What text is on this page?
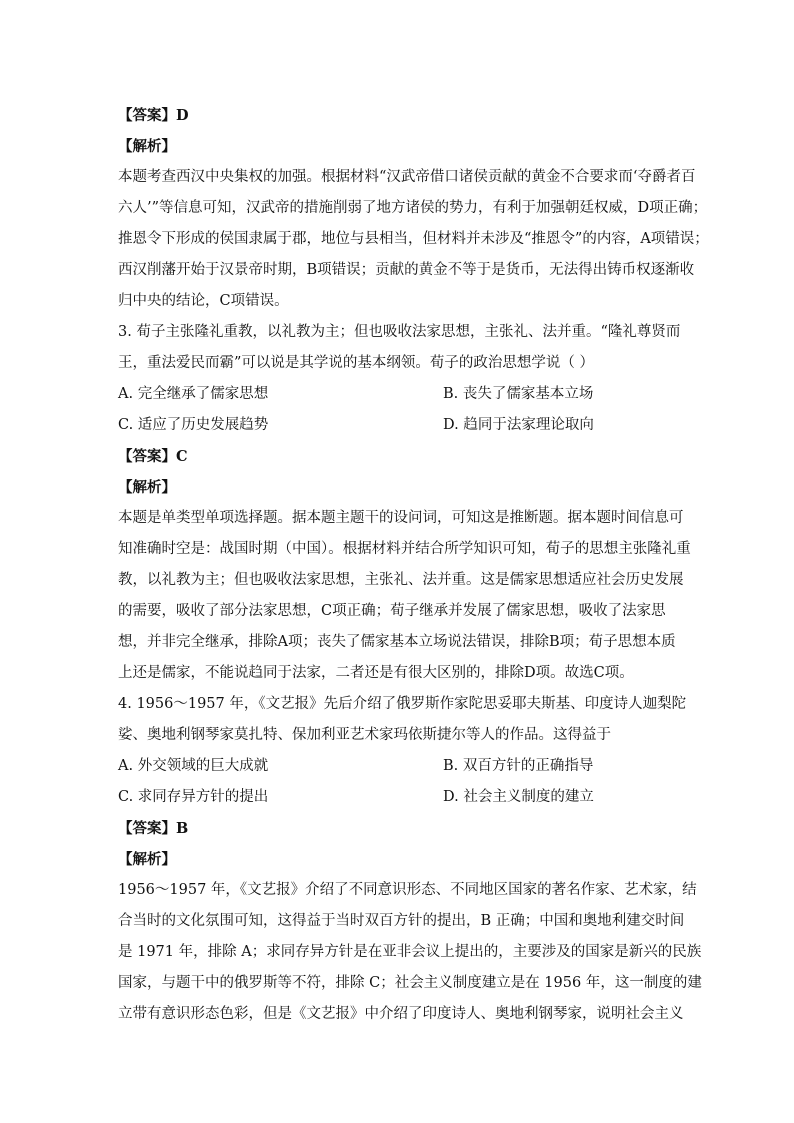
【答案】D
【解析】
本题考查西汉中央集权的加强。根据材料“汉武帝借口诸侯贡献的黄金不合要求而‘夺爵者百
六人’”等信息可知，汉武帝的措施削弱了地方诸侯的势力，有利于加强朝廷权威，D项正确；
推恩令下形成的侯国隶属于郡，地位与县相当，但材料并未涉及“推恩令”的内容，A项错误；
西汉削藩开始于汉景帝时期，B项错误；贡献的黄金不等于是货币，无法得出铸币权逐渐收
归中央的结论，C项错误。
3. 荀子主张隆礼重教，以礼教为主；但也吸收法家思想，主张礼、法并重。“隆礼尊贤而
王，重法爱民而霸”可以说是其学说的基本纲领。荀子的政治思想学说（ ）
A. 完全继承了儒家思想	B. 丧失了儒家基本立场
C. 适应了历史发展趋势	D. 趋同于法家理论取向
【答案】C
【解析】
本题是单类型单项选择题。据本题主题干的设问词，可知这是推断题。据本题时间信息可
知准确时空是：战国时期（中国）。根据材料并结合所学知识可知，荀子的思想主张隆礼重
教，以礼教为主；但也吸收法家思想，主张礼、法并重。这是儒家思想适应社会历史发展
的需要，吸收了部分法家思想，C项正确；荀子继承并发展了儒家思想，吸收了法家思
想，并非完全继承，排除A项；丧失了儒家基本立场说法错误，排除B项；荀子思想本质
上还是儒家，不能说趋同于法家，二者还是有很大区别的，排除D项。故选C项。
4. 1956～1957 年，《文艺报》先后介绍了俄罗斯作家陀思妥耶夫斯基、印度诗人迦梨陀
娑、奥地利钢琴家莫扎特、保加利亚艺术家玛依斯捷尔等人的作品。这得益于
A. 外交领域的巨大成就	B. 双百方针的正确指导
C. 求同存异方针的提出	D. 社会主义制度的建立
【答案】B
【解析】
1956～1957 年，《文艺报》介绍了不同意识形态、不同地区国家的著名作家、艺术家，结
合当时的文化氛围可知，这得益于当时双百方针的提出，B 正确；中国和奥地利建交时间
是 1971 年，排除 A；求同存异方针是在亚非会议上提出的，主要涉及的国家是新兴的民族
国家，与题干中的俄罗斯等不符，排除 C；社会主义制度建立是在 1956 年，这一制度的建
立带有意识形态色彩，但是《文艺报》中介绍了印度诗人、奥地利钢琴家，说明社会主义
